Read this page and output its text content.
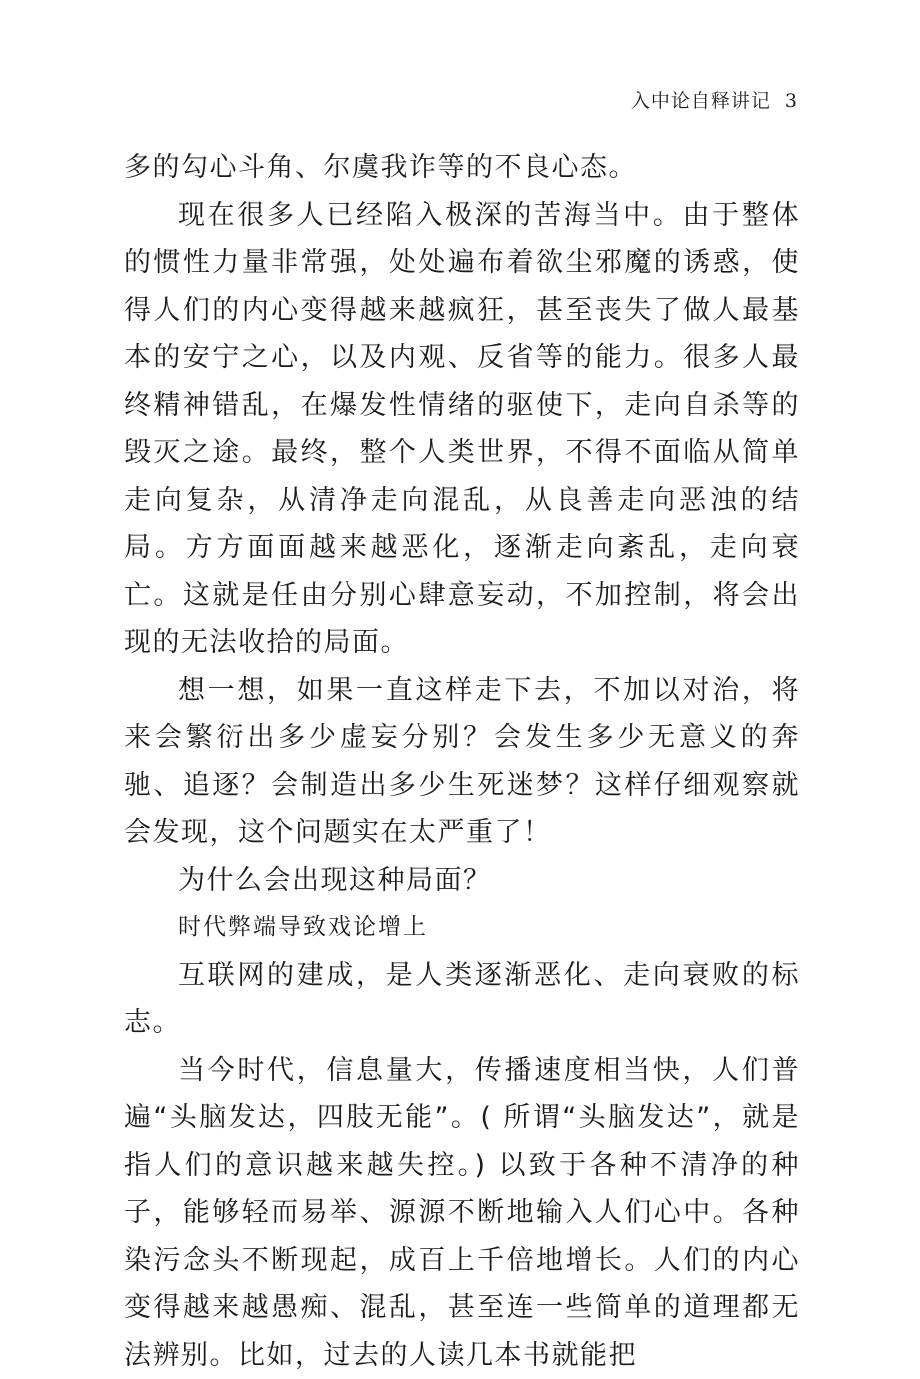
入中论自释讲记 3

多的勾心斗角、尔虞我诈等的不良心态。

现在很多人已经陷入极深的苦海当中。由于整体的惯性力量非常强，处处遍布着欲尘邪魔的诱惑，使得人们的内心变得越来越疯狂，甚至丧失了做人最基本的安宁之心，以及内观、反省等的能力。很多人最终精神错乱，在爆发性情绪的驱使下，走向自杀等的毁灭之途。最终，整个人类世界，不得不面临从简单走向复杂，从清净走向混乱，从良善走向恶浊的结局。方方面面越来越恶化，逐渐走向紊乱，走向衰亡。这就是任由分别心肆意妄动，不加控制，将会出现的无法收拾的局面。

想一想，如果一直这样走下去，不加以对治，将来会繁衍出多少虚妄分别？会发生多少无意义的奔驰、追逐？会制造出多少生死迷梦？这样仔细观察就会发现，这个问题实在太严重了！

为什么会出现这种局面？

时代弊端导致戏论增上

互联网的建成，是人类逐渐恶化、走向衰败的标志。

当今时代，信息量大，传播速度相当快，人们普遍“头脑发达，四肢无能”。( 所谓“头脑发达”，就是指人们的意识越来越失控。) 以致于各种不清净的种子，能够轻而易举、源源不断地输入人们心中。各种染污念头不断现起，成百上千倍地增长。人们的内心变得越来越愚痴、混乱，甚至连一些简单的道理都无法辨别。比如，过去的人读几本书就能把
